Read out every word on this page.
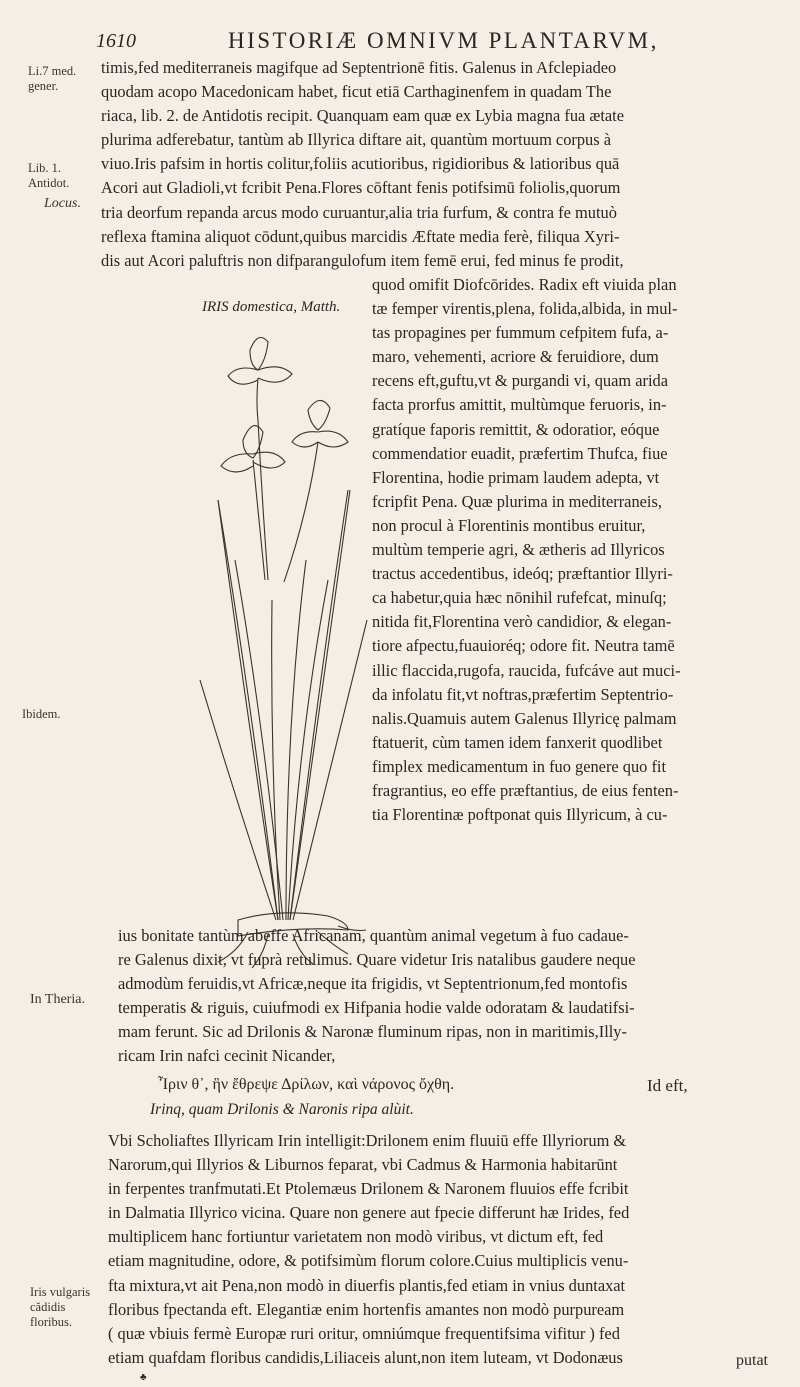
1610	HISTORIÆ OMNIVM PLANTARVM,
Li.7 med. gener.
Lib. 1. Antidot.
Locus.
Ibidem.
In Theria.
Iris vulgaris cădidis floribus.
timis,fed mediterraneis magifque ad Septentrionē fitis. Galenus in Afclepiadeo
quodam acopo Macedonicam habet, ficut etiā Carthaginenfem in quadam The
riaca, lib. 2. de Antidotis recipit. Quanquam eam quæ ex Lybia magna fua ætate
plurima adferebatur, tantùm ab Illyrica diftare ait, quantùm mortuum corpus à
viuo.Iris pafsim in hortis colitur,foliis acutioribus, rigidioribus & latioribus quā
Acori aut Gladioli,vt fcribit Pena.Flores cōftant fenis potifsimū foliolis,quorum
tria deorfum repanda arcus modo curuantur,alia tria furfum, & contra fe mutuò
reflexa ftamina aliquot cōdunt,quibus marcidis Æftate media ferè, filiqua Xyri-
dis aut Acori paluftris non difparangulofum item femē erui, fed minus fe prodit,
IRIS domestica, Matth.
quod omifit Diofcōrides. Radix eft viuida plan
tæ femper virentis,plena, folida,albida, in mul-
tas propagines per fummum cefpitem fufa, a-
maro, vehementi, acriore & feruidiore, dum
recens eft,guftu,vt & purgandi vi, quam arida
facta prorfus amittit, multùmque feruoris, in-
gratíque faporis remittit, & odoratior, eóque
commendatior euadit, præfertim Thufca, fiue
Florentina, hodie primam laudem adepta, vt
fcripfit Pena. Quæ plurima in mediterraneis,
non procul à Florentinis montibus eruitur,
multùm temperie agri, & ætheris ad Illyricos
tractus accedentibus, ideóq; præftantior Illyri-
ca habetur,quia hæc nōnihil rufefcat, minuſq;
nitida fit,Florentina verò candidior, & elegan-
tiore afpectu,fuauioréq; odore fit. Neutra tamē
illic flaccida,rugofa, raucida, fufcáve aut muci-
da infolatu fit,vt noftras,præfertim Septentrio-
nalis.Quamuis autem Galenus Illyricę palmam
ftatuerit, cùm tamen idem fanxerit quodlibet
fimplex medicamentum in fuo genere quo fit
fragrantius, eo effe præftantius, de eius fenten-
tia Florentinæ poftponat quis Illyricum, à cu-
ius bonitate tantùm abeffe Africanam, quantùm animal vegetum à fuo cadaue-
re Galenus dixit, vt fuprà retulimus. Quare videtur Iris natalibus gaudere neque
admodùm feruidis,vt Africæ,neque ita frigidis, vt Septentrionum,fed montofis
temperatis & riguis, cuiufmodi ex Hifpania hodie valde odoratam & laudatifsi-
mam ferunt. Sic ad Drilonis & Naronæ fluminum ripas, non in maritimis,Illy-
ricam Irin nafci cecinit Nicander,
Ἶριν θ᾽, ἣν ἔθρεψε Δρίλων, καὶ νάρονος ὄχθη.	Id eft,
Irinq, quam Drilonis & Naronis ripa alùit.
Vbi Scholiaftes Illyricam Irin intelligit:Drilonem enim fluuiū effe Illyriorum &
Narorum,qui Illyrios & Liburnos feparat, vbi Cadmus & Harmonia habitarūnt
in ferpentes tranfmutati.Et Ptolemæus Drilonem & Naronem fluuios effe fcribit
in Dalmatia Illyrico vicina. Quare non genere aut fpecie differunt hæ Irides, fed
multiplicem hanc fortiuntur varietatem non modò viribus, vt dictum eft, fed
etiam magnitudine, odore, & potifsimùm florum colore.Cuius multiplicis venu-
fta mixtura,vt ait Pena,non modò in diuerfis plantis,fed etiam in vnius duntaxat
floribus fpectanda eft. Elegantiæ enim hortenfis amantes non modò purpuream
( quæ vbiuis fermè Europæ ruri oritur, omniúmque frequentifsima vifitur ) fed
etiam quafdam floribus candidis,Liliaceis alunt,non item luteam, vt Dodonæus	putat
♣
